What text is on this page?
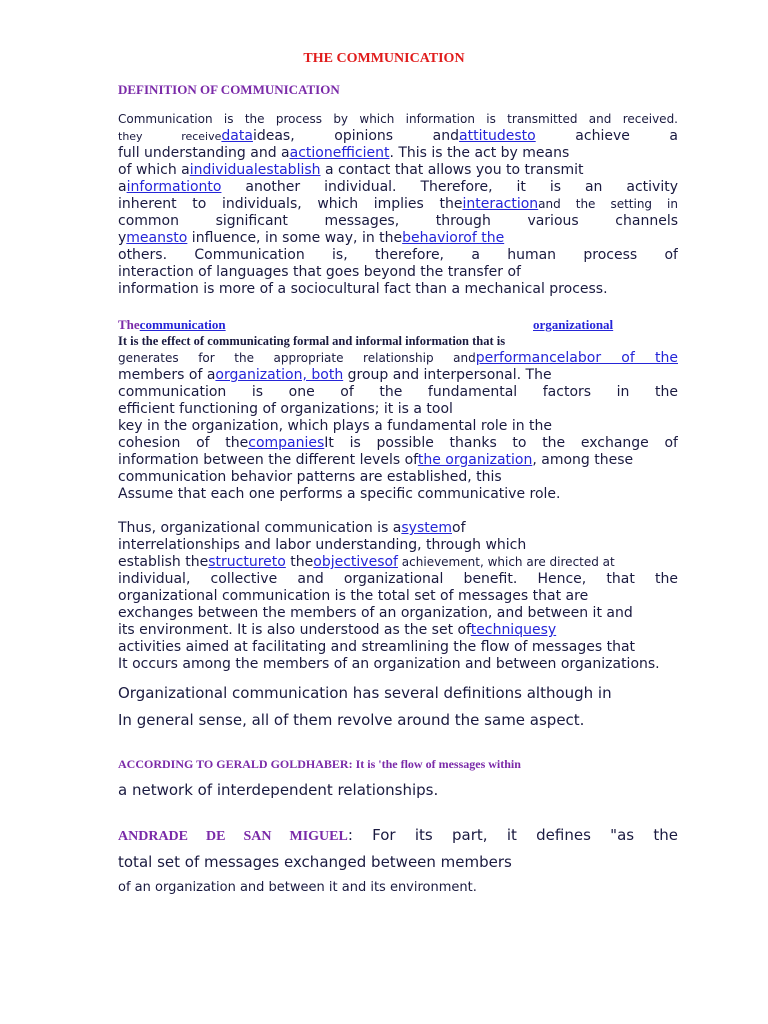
THE COMMUNICATION
DEFINITION OF COMMUNICATION
Communication is the process by which information is transmitted and received.
they receivedataideas, opinions andattitudesto achieve a
full understanding and aactionefficient. This is the act by means
of which aindividualestablish a contact that allows you to transmit
ainformationto another individual. Therefore, it is an activity
inherent to individuals, which implies theinteractionand the setting in
common significant messages, through various channels
ymeansto influence, in some way, in thebehaviorof the
others. Communication is, therefore, a human process of
interaction of languages that goes beyond the transfer of
information is more of a sociocultural fact than a mechanical process.
Thecommunication	organizational
It is the effect of communicating formal and informal information that is
generates for the appropriate relationship andperformancelabor of the
members of aorganization, both group and interpersonal. The
communication is one of the fundamental factors in the
efficient functioning of organizations; it is a tool
key in the organization, which plays a fundamental role in the
cohesion of thecompaniesIt is possible thanks to the exchange of
information between the different levels ofthe organization, among these
communication behavior patterns are established, this
Assume that each one performs a specific communicative role.
Thus, organizational communication is asystemof
interrelationships and labor understanding, through which
establish thestructureto theobjectivesof achievement, which are directed at
individual, collective and organizational benefit. Hence, that the
organizational communication is the total set of messages that are
exchanges between the members of an organization, and between it and
its environment. It is also understood as the set oftechniquesy
activities aimed at facilitating and streamlining the flow of messages that
It occurs among the members of an organization and between organizations.
Organizational communication has several definitions although in
In general sense, all of them revolve around the same aspect.
ACCORDING TO GERALD GOLDHABER: It is 'the flow of messages within
a network of interdependent relationships.
ANDRADE DE SAN MIGUEL: For its part, it defines "as the
total set of messages exchanged between members
of an organization and between it and its environment.
